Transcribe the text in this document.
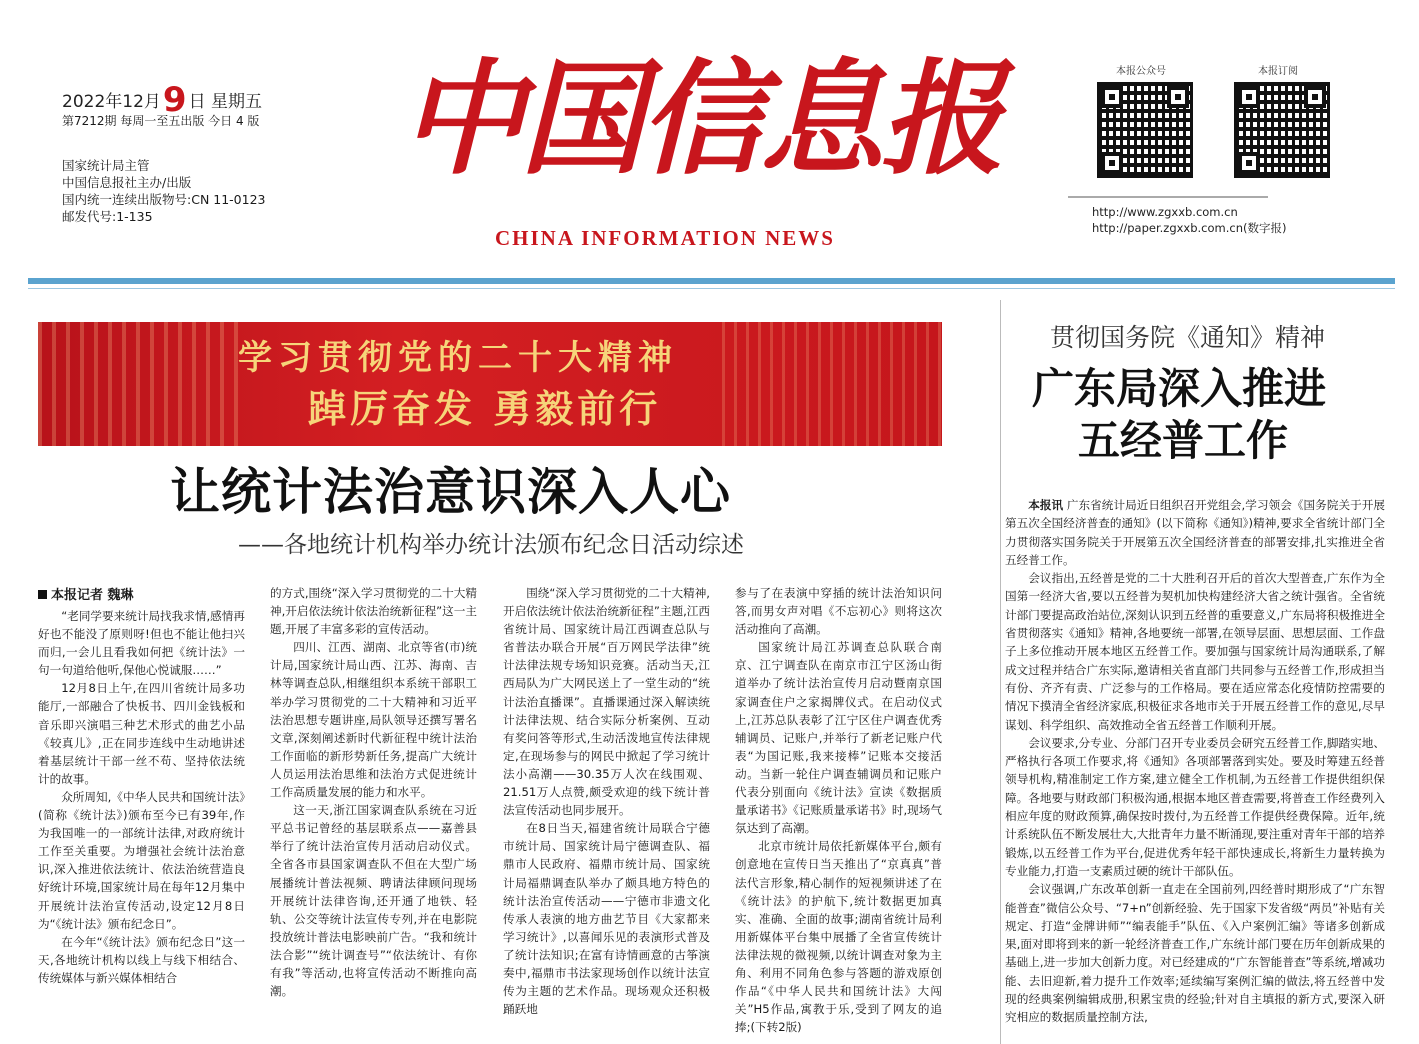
2022年12月9 日 星期五
第7212期 每周一至五出版 今日 4 版
国家统计局主管
中国信息报社主办/出版
国内统一连续出版物号:CN 11-0123
邮发代号:1-135
中国信息报
CHINA INFORMATION NEWS
本报公众号	本报订阅
http://www.zgxxb.com.cn
http://paper.zgxxb.com.cn(数字报)
学习贯彻党的二十大精神
踔厉奋发 勇毅前行
让统计法治意识深入人心
——各地统计机构举办统计法颁布纪念日活动综述
本报记者 魏琳

“老同学要来统计局找我求情,感情再好也不能没了原则呀!但也不能让他扫兴而归,一会儿且看我如何把《统计法》一句一句道给他听,保他心悦诚服……”

12月8日上午,在四川省统计局多功能厅,一部融合了快板书、四川金钱板和音乐即兴演唱三种艺术形式的曲艺小品《较真儿》,正在同步连线中生动地讲述着基层统计干部一丝不苟、坚持依法统计的故事。

众所周知,《中华人民共和国统计法》(简称《统计法》)颁布至今已有39年,作为我国唯一的一部统计法律,对政府统计工作至关重要。为增强社会统计法治意识,深入推进依法统计、依法治统营造良好统计环境,国家统计局在每年12月集中开展统计法治宣传活动,设定12月8日为“《统计法》颁布纪念日”。

在今年“《统计法》颁布纪念日”这一天,各地统计机构以线上与线下相结合、传统媒体与新兴媒体相结合

的方式,围绕“深入学习贯彻党的二十大精神,开启依法统计依法治统新征程”这一主题,开展了丰富多彩的宣传活动。

四川、江西、湖南、北京等省(市)统计局,国家统计局山西、江苏、海南、吉林等调查总队,相继组织本系统干部职工举办学习贯彻党的二十大精神和习近平法治思想专题讲座,局队领导还撰写署名文章,深刻阐述新时代新征程中统计法治工作面临的新形势新任务,提高广大统计人员运用法治思维和法治方式促进统计工作高质量发展的能力和水平。

这一天,浙江国家调查队系统在习近平总书记曾经的基层联系点——嘉善县举行了统计法治宣传月活动启动仪式。全省各市县国家调查队不但在大型广场展播统计普法视频、聘请法律顾问现场开展统计法律咨询,还开通了地铁、轻轨、公交等统计法宣传专列,并在电影院投放统计普法电影映前广告。“我和统计法合影”“统计调查号”“依法统计、有你有我”等活动,也将宣传活动不断推向高潮。

围绕“深入学习贯彻党的二十大精神,开启依法统计依法治统新征程”主题,江西省统计局、国家统计局江西调查总队与省普法办联合开展“百万网民学法律”统计法律法规专场知识竞赛。活动当天,江西局队为广大网民送上了一堂生动的“统计法治直播课”。直播课通过深入解读统计法律法规、结合实际分析案例、互动有奖问答等形式,生动活泼地宣传法律规定,在现场参与的网民中掀起了学习统计法小高潮——30.35万人次在线围观、21.51万人点赞,颇受欢迎的线下统计普法宣传活动也同步展开。

在8日当天,福建省统计局联合宁德市统计局、国家统计局宁德调查队、福鼎市人民政府、福鼎市统计局、国家统计局福鼎调查队举办了颇具地方特色的统计法治宣传活动——宁德市非遗文化传承人表演的地方曲艺节目《大家都来学习统计》,以喜闻乐见的表演形式普及了统计法知识;在富有诗情画意的古筝演奏中,福鼎市书法家现场创作以统计法宣传为主题的艺术作品。现场观众还积极踊跃地

参与了在表演中穿插的统计法治知识问答,而男女声对唱《不忘初心》则将这次活动推向了高潮。

国家统计局江苏调查总队联合南京、江宁调查队在南京市江宁区汤山街道举办了统计法治宣传月启动暨南京国家调查住户之家揭牌仪式。在启动仪式上,江苏总队表彰了江宁区住户调查优秀辅调员、记账户,并举行了新老记账户代表“为国记账,我来接棒”记账本交接活动。当新一轮住户调查辅调员和记账户代表分别面向《统计法》宣读《数据质量承诺书》《记账质量承诺书》时,现场气氛达到了高潮。

北京市统计局依托新媒体平台,颇有创意地在宣传日当天推出了“京真真”普法代言形象,精心制作的短视频讲述了在《统计法》的护航下,统计数据更加真实、准确、全面的故事;湖南省统计局利用新媒体平台集中展播了全省宣传统计法律法规的微视频,以统计调查对象为主角、利用不同角色参与答题的游戏原创作品“《中华人民共和国统计法》大闯关”H5作品,寓教于乐,受到了网友的追捧;(下转2版)

贯彻国务院《通知》精神
广东局深入推进
五经普工作

本报讯 广东省统计局近日组织召开党组会,学习领会《国务院关于开展第五次全国经济普查的通知》(以下简称《通知》)精神,要求全省统计部门全力贯彻落实国务院关于开展第五次全国经济普查的部署安排,扎实推进全省五经普工作。

会议指出,五经普是党的二十大胜利召开后的首次大型普查,广东作为全国第一经济大省,要以五经普为契机加快构建经济大省之统计强省。全省统计部门要提高政治站位,深刻认识到五经普的重要意义,广东局将积极推进全省贯彻落实《通知》精神,各地要统一部署,在领导层面、思想层面、工作盘子上多位推动开展本地区五经普工作。要加强与国家统计局沟通联系,了解成文过程并结合广东实际,邀请相关省直部门共同参与五经普工作,形成担当有份、齐齐有责、广泛参与的工作格局。要在适应常态化疫情防控需要的情况下摸清全省经济家底,积极征求各地市关于开展五经普工作的意见,尽早谋划、科学组织、高效推动全省五经普工作顺利开展。

会议要求,分专业、分部门召开专业委员会研究五经普工作,脚踏实地、严格执行各项工作要求,将《通知》各项部署落到实处。要及时筹建五经普领导机构,精准制定工作方案,建立健全工作机制,为五经普工作提供组织保障。各地要与财政部门积极沟通,根据本地区普查需要,将普查工作经费列入相应年度的财政预算,确保按时拨付,为五经普工作提供经费保障。近年,统计系统队伍不断发展壮大,大批青年力量不断涌现,要注重对青年干部的培养锻炼,以五经普工作为平台,促进优秀年轻干部快速成长,将新生力量转换为专业能力,打造一支素质过硬的统计干部队伍。

会议强调,广东改革创新一直走在全国前列,四经普时期形成了“广东智能普查”微信公众号、“7+n”创新经验、先于国家下发省级“两员”补贴有关规定、打造“金牌讲师”“编表能手”队伍、《入户案例汇编》等诸多创新成果,面对即将到来的新一轮经济普查工作,广东统计部门要在历年创新成果的基础上,进一步加大创新力度。对已经建成的“广东智能普查”等系统,增减功能、去旧迎新,着力提升工作效率;延续编写案例汇编的做法,将五经普中发现的经典案例编辑成册,积累宝贵的经验;针对自主填报的新方式,要深入研究相应的数据质量控制方法,
